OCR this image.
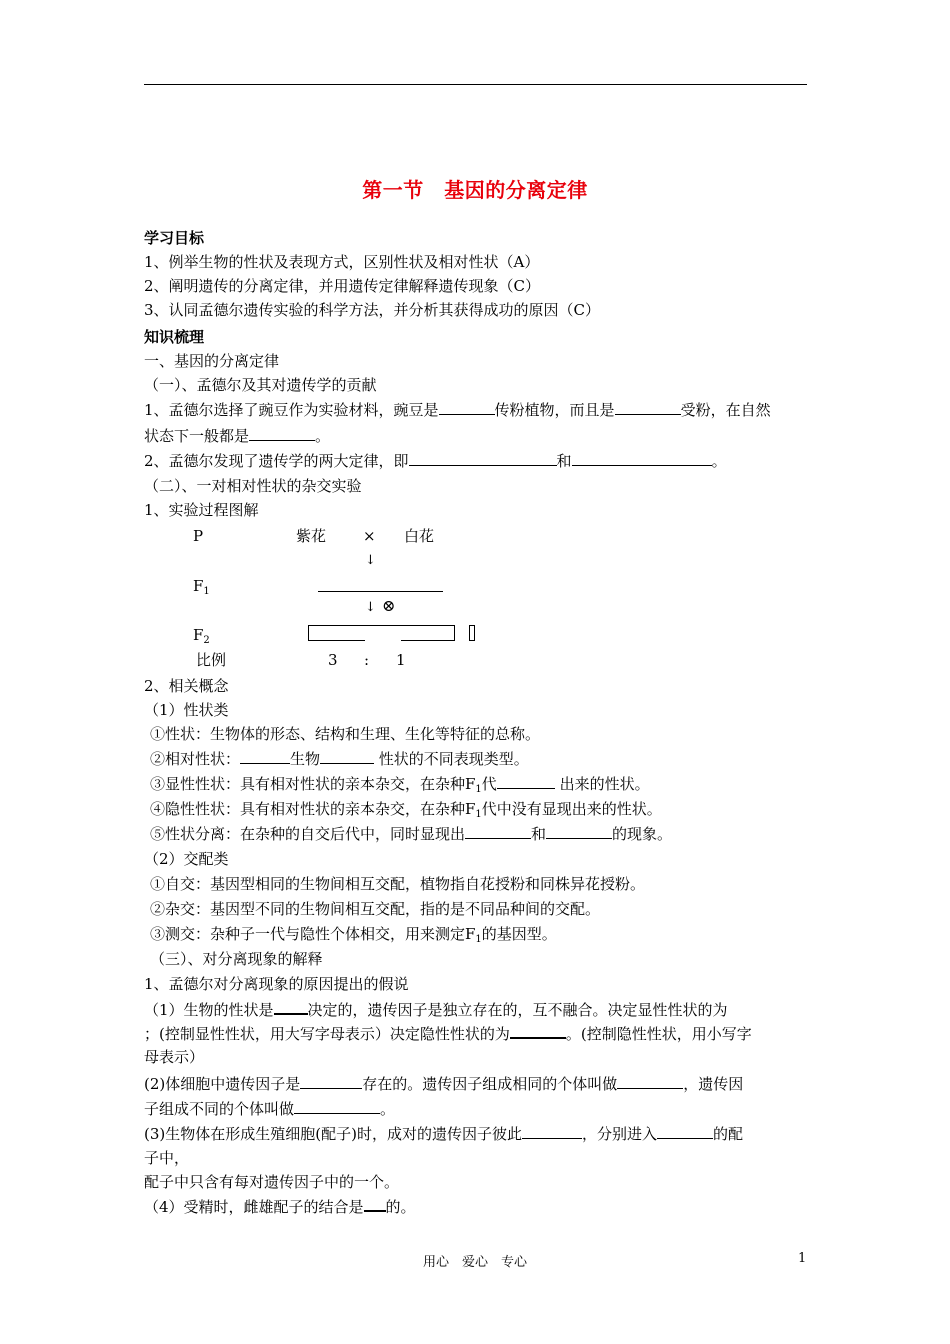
第一节　基因的分离定律
学习目标
1、例举生物的性状及表现方式，区别性状及相对性状（A）
2、阐明遗传的分离定律，并用遗传定律解释遗传现象（C）
3、认同孟德尔遗传实验的科学方法，并分析其获得成功的原因（C）
知识梳理
一、基因的分离定律
（一）、孟德尔及其对遗传学的贡献
1、孟德尔选择了豌豆作为实验材料，豌豆是	传粉植物，而且是	受粉，在自然
状态下一般都是	。
2、孟德尔发现了遗传学的两大定律，即	和	。
（二）、一对相对性状的杂交实验
1、实验过程图解
P	紫花 × 白花
↓
$F_1$
↓ ⊗
$F_2$
比例	3 : 1
2、相关概念
（1）性状类
①性状：生物体的形态、结构和生理、生化等特征的总称。
②相对性状：	生物	性状的不同表现类型。
③显性性状：具有相对性状的亲本杂交，在杂种$F_1$代	出来的性状。
④隐性性状：具有相对性状的亲本杂交，在杂种$F_1$代中没有显现出来的性状。
⑤性状分离：在杂种的自交后代中，同时显现出	和	的现象。
（2）交配类
①自交：基因型相同的生物间相互交配，植物指自花授粉和同株异花授粉。
②杂交：基因型不同的生物间相互交配，指的是不同品种间的交配。
③测交：杂种子一代与隐性个体相交，用来测定$F_1$的基因型。
（三）、对分离现象的解释
1、孟德尔对分离现象的原因提出的假说
（1）生物的性状是 决定的，遗传因子是独立存在的，互不融合。决定显性性状的为
；(控制显性性状，用大写字母表示）决定隐性性状的为	。(控制隐性性状，用小写字
母表示）
(2)体细胞中遗传因子是	存在的。遗传因子组成相同的个体叫做	，遗传因
子组成不同的个体叫做	。
(3)生物体在形成生殖细胞(配子)时，成对的遗传因子彼此	，分别进入	的配
子中，
配子中只含有每对遗传因子中的一个。
（4）受精时，雌雄配子的结合是 的。
用心　爱心　专心	1
